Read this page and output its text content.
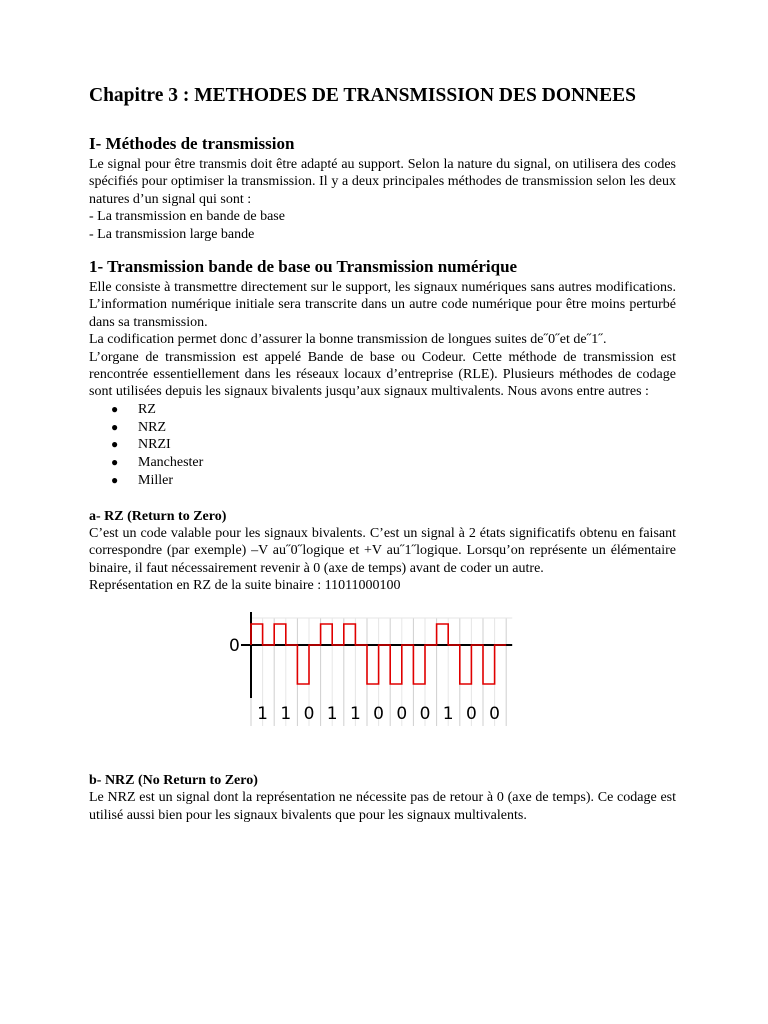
Chapitre 3 : METHODES DE TRANSMISSION DES DONNEES
I- Méthodes de transmission

Le signal pour être transmis doit être adapté au support. Selon la nature du signal, on utilisera des codes spécifiés pour optimiser la transmission. Il y a deux principales méthodes de transmission selon les deux natures d’un signal qui sont :

- La transmission en bande de base
- La transmission large bande
1- Transmission bande de base ou Transmission numérique

Elle consiste à transmettre directement sur le support, les signaux numériques sans autres modifications. L’information numérique initiale sera transcrite dans un autre code numérique pour être moins perturbé dans sa transmission.

La codification permet donc d’assurer la bonne transmission de longues suites de˝0˝et de˝1˝.

L’organe de transmission est appelé Bande de base ou Codeur. Cette méthode de transmission est rencontrée essentiellement dans les réseaux locaux d’entreprise (RLE). Plusieurs méthodes de codage sont utilisées depuis les signaux bivalents jusqu’aux signaux multivalents. Nous avons entre autres :

● RZ
● NRZ
● NRZI
● Manchester
● Miller
a- RZ (Return to Zero)

C’est un code valable pour les signaux bivalents. C’est un signal à 2 états significatifs obtenu en faisant correspondre (par exemple) –V au˝0˝logique et +V au˝1˝logique. Lorsqu’on représente un élémentaire binaire, il faut nécessairement revenir à 0 (axe de temps) avant de coder un autre.

Représentation en RZ de la suite binaire : 11011000100

0
1 1 0 1 1 0 0 0 1 0 0
b- NRZ (No Return to Zero)

Le NRZ est un signal dont la représentation ne nécessite pas de retour à 0 (axe de temps). Ce codage est utilisé aussi bien pour les signaux bivalents que pour les signaux multivalents.
